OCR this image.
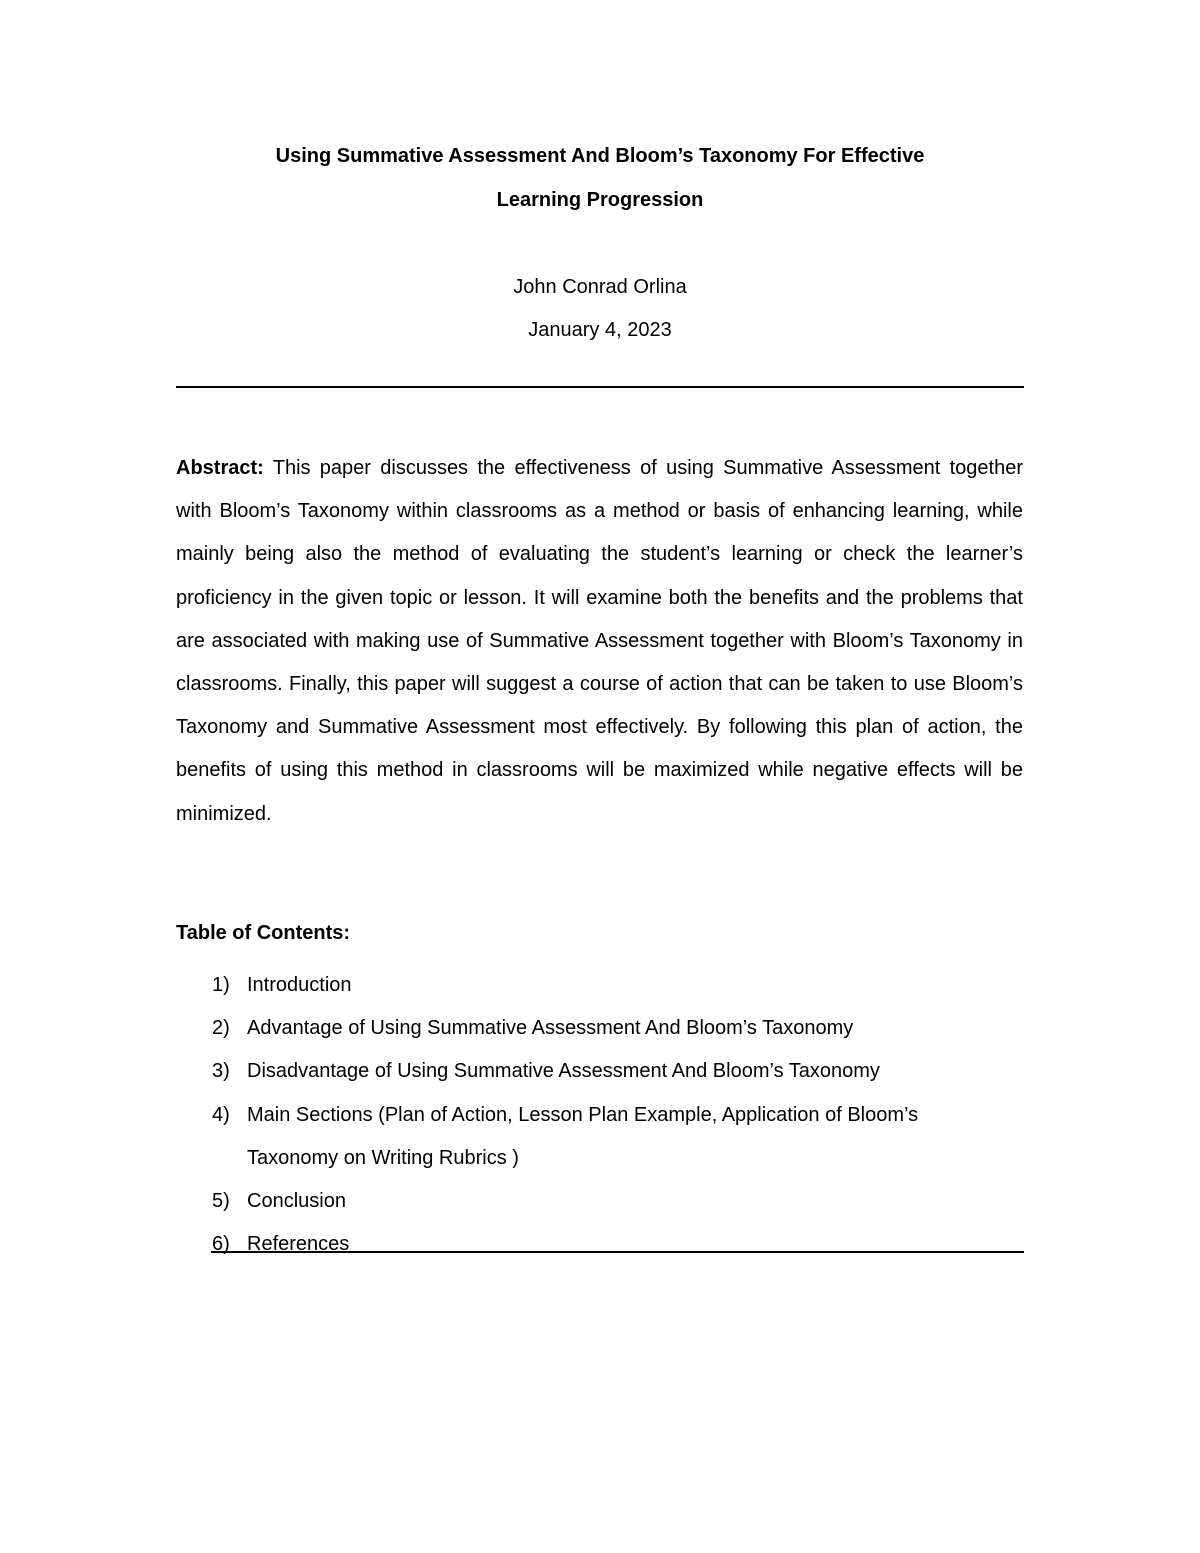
Using Summative Assessment And Bloom’s Taxonomy For Effective
Learning Progression
John Conrad Orlina
January 4, 2023

Abstract: This paper discusses the effectiveness of using Summative Assessment together with Bloom’s Taxonomy within classrooms as a method or basis of enhancing learning, while mainly being also the method of evaluating the student’s learning or check the learner’s proficiency in the given topic or lesson. It will examine both the benefits and the problems that are associated with making use of Summative Assessment together with Bloom’s Taxonomy in classrooms. Finally, this paper will suggest a course of action that can be taken to use Bloom’s Taxonomy and Summative Assessment most effectively. By following this plan of action, the benefits of using this method in classrooms will be maximized while negative effects will be minimized.

Table of Contents:
1) Introduction
2) Advantage of Using Summative Assessment And Bloom’s Taxonomy
3) Disadvantage of Using Summative Assessment And Bloom’s Taxonomy
4) Main Sections (Plan of Action, Lesson Plan Example, Application of Bloom’s Taxonomy on Writing Rubrics )
5) Conclusion
6) References
